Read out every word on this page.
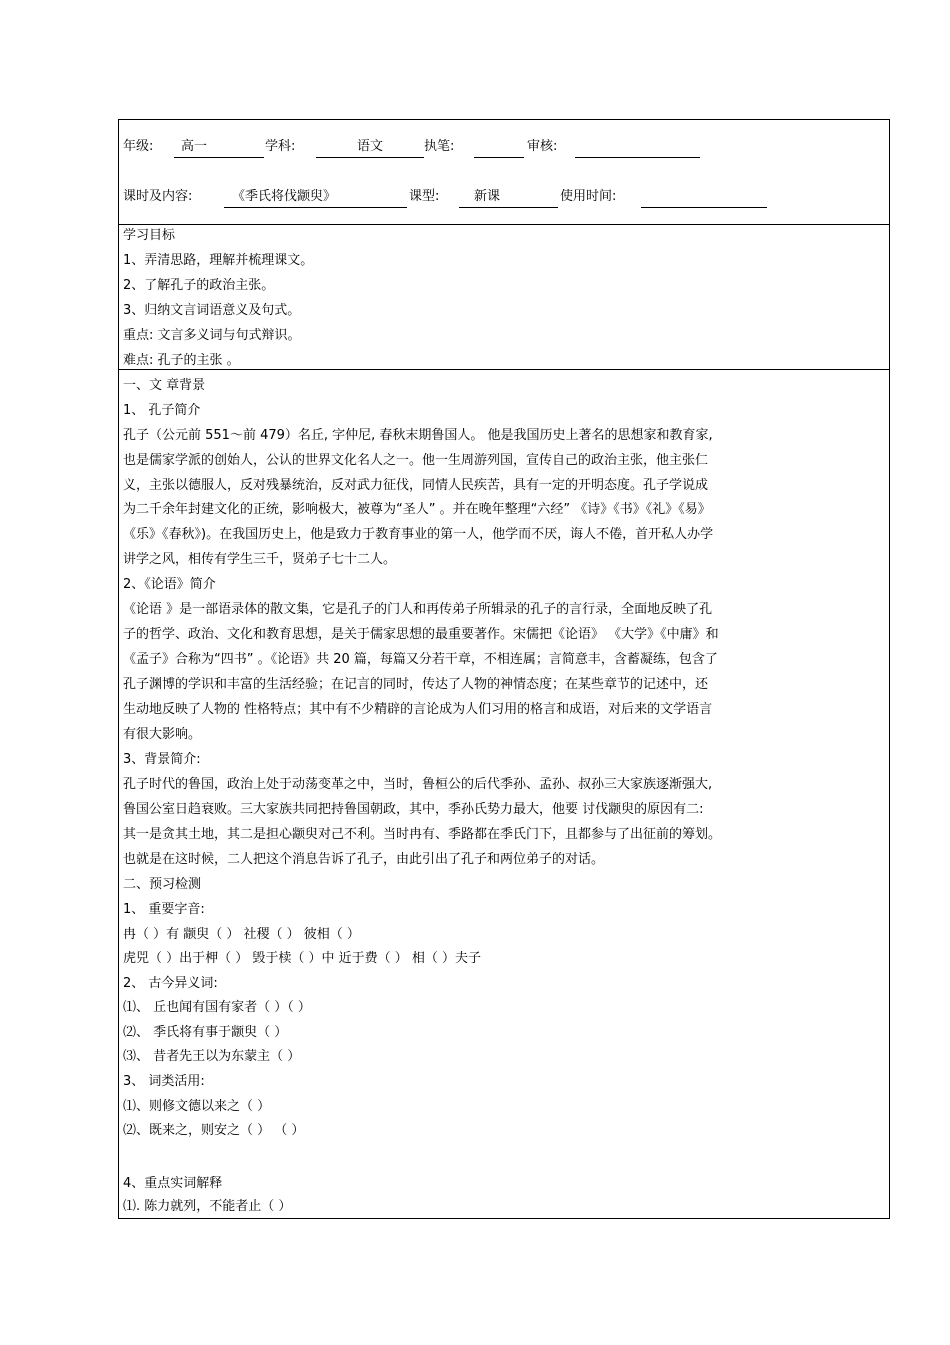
年级: 高一	学科:	语文	执笔:	审核:
课时及内容:	《季氏将伐颛臾》	课型:	新课	使用时间:
学习目标
1、弄清思路，理解并梳理课文。
2、了解孔子的政治主张。
3、归纳文言词语意义及句式。
重点: 文言多义词与句式辩识。
难点: 孔子的主张 。
一、文 章背景
1、 孔子简介
孔子（公元前 551～前 479）名丘, 字仲尼, 春秋末期鲁国人。 他是我国历史上著名的思想家和教育家,
也是儒家学派的创始人，公认的世界文化名人之一。他一生周游列国，宣传自己的政治主张，他主张仁
义，主张以德服人，反对残暴统治，反对武力征伐，同情人民疾苦，具有一定的开明态度。孔子学说成
为二千余年封建文化的正统，影响极大，被尊为“圣人” 。并在晚年整理“六经” 《诗》《书》《礼》《易》
《乐》《春秋》)。在我国历史上，他是致力于教育事业的第一人，他学而不厌，诲人不倦，首开私人办学
讲学之风，相传有学生三千，贤弟子七十二人。
2、《论语》简介
《论语 》是一部语录体的散文集，它是孔子的门人和再传弟子所辑录的孔子的言行录，全面地反映了孔
子的哲学、政治、文化和教育思想，是关于儒家思想的最重要著作。宋儒把《论语》 《大学》《中庸》和
《孟子》合称为“四书” 。《论语》共 20 篇，每篇又分若干章，不相连属；言简意丰，含蓄凝练，包含了
孔子渊博的学识和丰富的生活经验；在记言的同时，传达了人物的神情态度；在某些章节的记述中，还
生动地反映了人物的 性格特点；其中有不少精辟的言论成为人们习用的格言和成语，对后来的文学语言
有很大影响。
3、背景简介:
孔子时代的鲁国，政治上处于动荡变革之中，当时，鲁桓公的后代季孙、孟孙、叔孙三大家族逐渐强大,
鲁国公室日趋衰败。三大家族共同把持鲁国朝政，其中，季孙氏势力最大，他要 讨伐颛臾的原因有二:
其一是贪其土地，其二是担心颛臾对己不利。当时冉有、季路都在季氏门下，且都参与了出征前的筹划。
也就是在这时候，二人把这个消息告诉了孔子，由此引出了孔子和两位弟子的对话。
二、预习检测
1、 重要字音:
冉（ ）有 颛臾（ ） 社稷（ ） 彼相（ ）
虎兕（ ）出于柙（ ） 毁于椟（ ）中 近于费（ ） 相（ ）夫子
2、 古今异义词:
⑴、 丘也闻有国有家者（ ）（ ）
⑵、 季氏将有事于颛臾（ ）
⑶、 昔者先王以为东蒙主（ ）
3、 词类活用:
⑴、则修文德以来之（ ）
⑵、既来之，则安之（ ） （ ）
4、重点实词解释
⑴. 陈力就列，不能者止（ ）
